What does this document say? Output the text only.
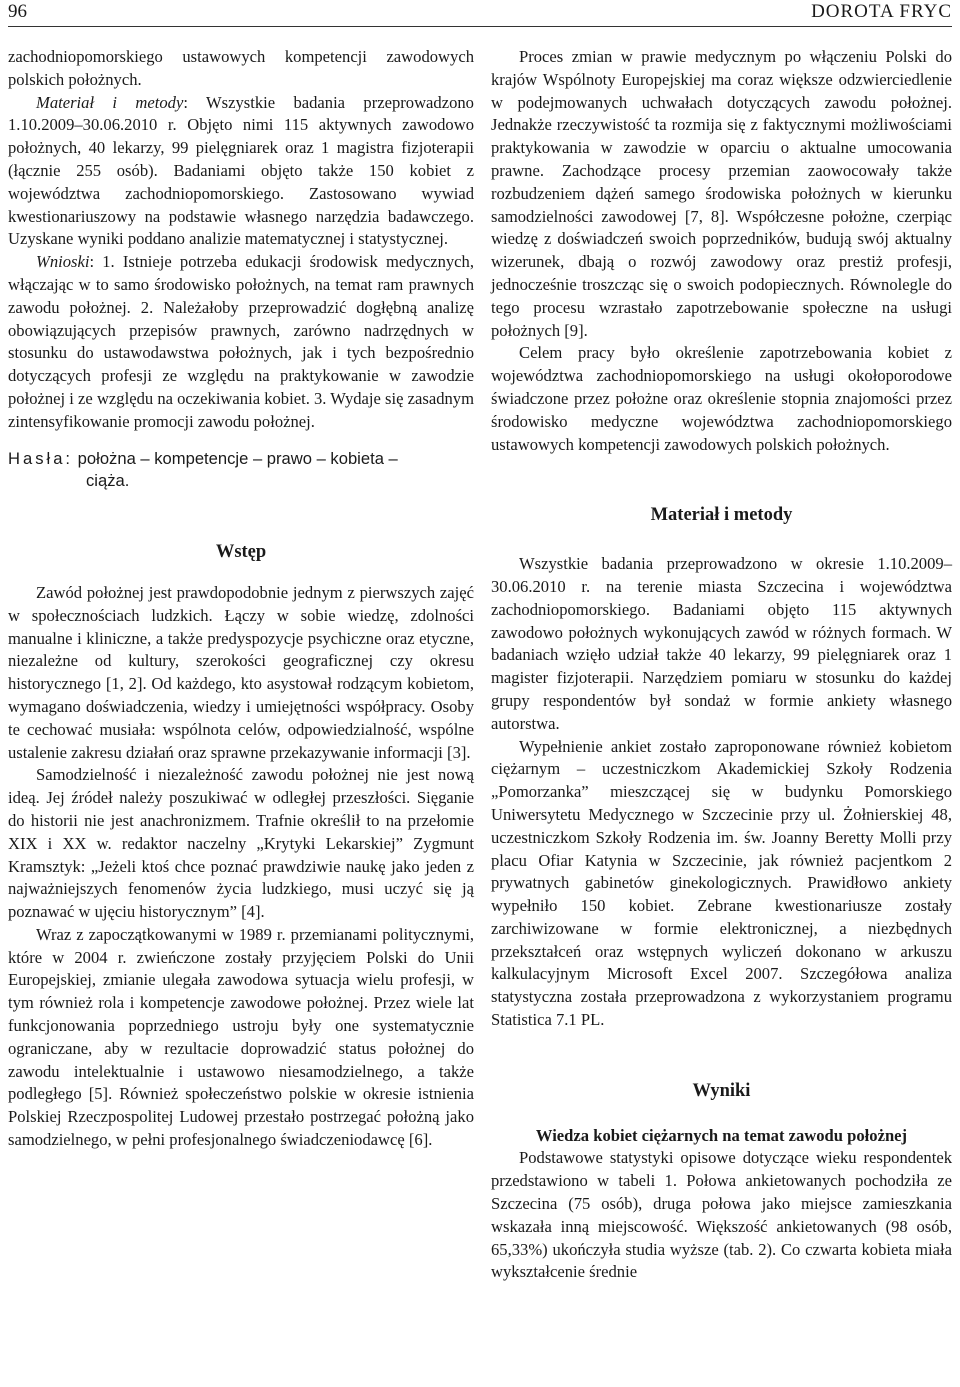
96	DOROTA FRYC

zachodniopomorskiego ustawowych kompetencji zawodowych polskich położnych.

Materiał i metody: Wszystkie badania przeprowadzono 1.10.2009–30.06.2010 r. Objęto nimi 115 aktywnych zawodowo położnych, 40 lekarzy, 99 pielęgniarek oraz 1 magistra fizjoterapii (łącznie 255 osób). Badaniami objęto także 150 kobiet z województwa zachodniopomorskiego. Zastosowano wywiad kwestionariuszowy na podstawie własnego narzędzia badawczego. Uzyskane wyniki poddano analizie matematycznej i statystycznej.

Wnioski: 1. Istnieje potrzeba edukacji środowisk medycznych, włączając w to samo środowisko położnych, na temat ram prawnych zawodu położnej. 2. Należałoby przeprowadzić dogłębną analizę obowiązujących przepisów prawnych, zarówno nadrzędnych w stosunku do ustawodawstwa położnych, jak i tych bezpośrednio dotyczących profesji ze względu na praktykowanie w zawodzie położnej i ze względu na oczekiwania kobiet. 3. Wydaje się zasadnym zintensyfikowanie promocji zawodu położnej.

Hasła: położna – kompetencje – prawo – kobieta –
ciąża.
Wstęp

Zawód położnej jest prawdopodobnie jednym z pierwszych zajęć w społecznościach ludzkich. Łączy w sobie wiedzę, zdolności manualne i kliniczne, a także predyspozycje psychiczne oraz etyczne, niezależne od kultury, szerokości geograficznej czy okresu historycznego [1, 2]. Od każdego, kto asystował rodzącym kobietom, wymagano doświadczenia, wiedzy i umiejętności współpracy. Osoby te cechować musiała: wspólnota celów, odpowiedzialność, wspólne ustalenie zakresu działań oraz sprawne przekazywanie informacji [3].

Samodzielność i niezależność zawodu położnej nie jest nową ideą. Jej źródeł należy poszukiwać w odległej przeszłości. Sięganie do historii nie jest anachronizmem. Trafnie określił to na przełomie XIX i XX w. redaktor naczelny „Krytyki Lekarskiej” Zygmunt Kramsztyk: „Jeżeli ktoś chce poznać prawdziwie naukę jako jeden z najważniejszych fenomenów życia ludzkiego, musi uczyć się ją poznawać w ujęciu historycznym” [4].

Wraz z zapoczątkowanymi w 1989 r. przemianami politycznymi, które w 2004 r. zwieńczone zostały przyjęciem Polski do Unii Europejskiej, zmianie ulegała zawodowa sytuacja wielu profesji, w tym również rola i kompetencje zawodowe położnej. Przez wiele lat funkcjonowania poprzedniego ustroju były one systematycznie ograniczane, aby w rezultacie doprowadzić status położnej do zawodu intelektualnie i ustawowo niesamodzielnego, a także podległego [5]. Również społeczeństwo polskie w okresie istnienia Polskiej Rzeczpospolitej Ludowej przestało postrzegać położną jako samodzielnego, w pełni profesjonalnego świadczeniodawcę [6].

Proces zmian w prawie medycznym po włączeniu Polski do krajów Wspólnoty Europejskiej ma coraz większe odzwierciedlenie w podejmowanych uchwałach dotyczących zawodu położnej. Jednakże rzeczywistość ta rozmija się z faktycznymi możliwościami praktykowania w zawodzie w oparciu o aktualne umocowania prawne. Zachodzące procesy przemian zaowocowały także rozbudzeniem dążeń samego środowiska położnych w kierunku samodzielności zawodowej [7, 8]. Współczesne położne, czerpiąc wiedzę z doświadczeń swoich poprzedników, budują swój aktualny wizerunek, dbają o rozwój zawodowy oraz prestiż profesji, jednocześnie troszcząc się o swoich podopiecznych. Równolegle do tego procesu wzrastało zapotrzebowanie społeczne na usługi położnych [9].

Celem pracy było określenie zapotrzebowania kobiet z województwa zachodniopomorskiego na usługi okołoporodowe świadczone przez położne oraz określenie stopnia znajomości przez środowisko medyczne województwa zachodniopomorskiego ustawowych kompetencji zawodowych polskich położnych.

Materiał i metody

Wszystkie badania przeprowadzono w okresie 1.10.2009–30.06.2010 r. na terenie miasta Szczecina i województwa zachodniopomorskiego. Badaniami objęto 115 aktywnych zawodowo położnych wykonujących zawód w różnych formach. W badaniach wzięło udział także 40 lekarzy, 99 pielęgniarek oraz 1 magister fizjoterapii. Narzędziem pomiaru w stosunku do każdej grupy respondentów był sondaż w formie ankiety własnego autorstwa.

Wypełnienie ankiet zostało zaproponowane również kobietom ciężarnym – uczestniczkom Akademickiej Szkoły Rodzenia „Pomorzanka” mieszczącej się w budynku Pomorskiego Uniwersytetu Medycznego w Szczecinie przy ul. Żołnierskiej 48, uczestniczkom Szkoły Rodzenia im. św. Joanny Beretty Molli przy placu Ofiar Katynia w Szczecinie, jak również pacjentkom 2 prywatnych gabinetów ginekologicznych. Prawidłowo ankiety wypełniło 150 kobiet. Zebrane kwestionariusze zostały zarchiwizowane w formie elektronicznej, a niezbędnych przekształceń oraz wstępnych wyliczeń dokonano w arkuszu kalkulacyjnym Microsoft Excel 2007. Szczegółowa analiza statystyczna została przeprowadzona z wykorzystaniem programu Statistica 7.1 PL.

Wyniki
Wiedza kobiet ciężarnych na temat zawodu położnej

Podstawowe statystyki opisowe dotyczące wieku respondentek przedstawiono w tabeli 1. Połowa ankietowanych pochodziła ze Szczecina (75 osób), druga połowa jako miejsce zamieszkania wskazała inną miejscowość. Większość ankietowanych (98 osób, 65,33%) ukończyła studia wyższe (tab. 2). Co czwarta kobieta miała wykształcenie średnie
